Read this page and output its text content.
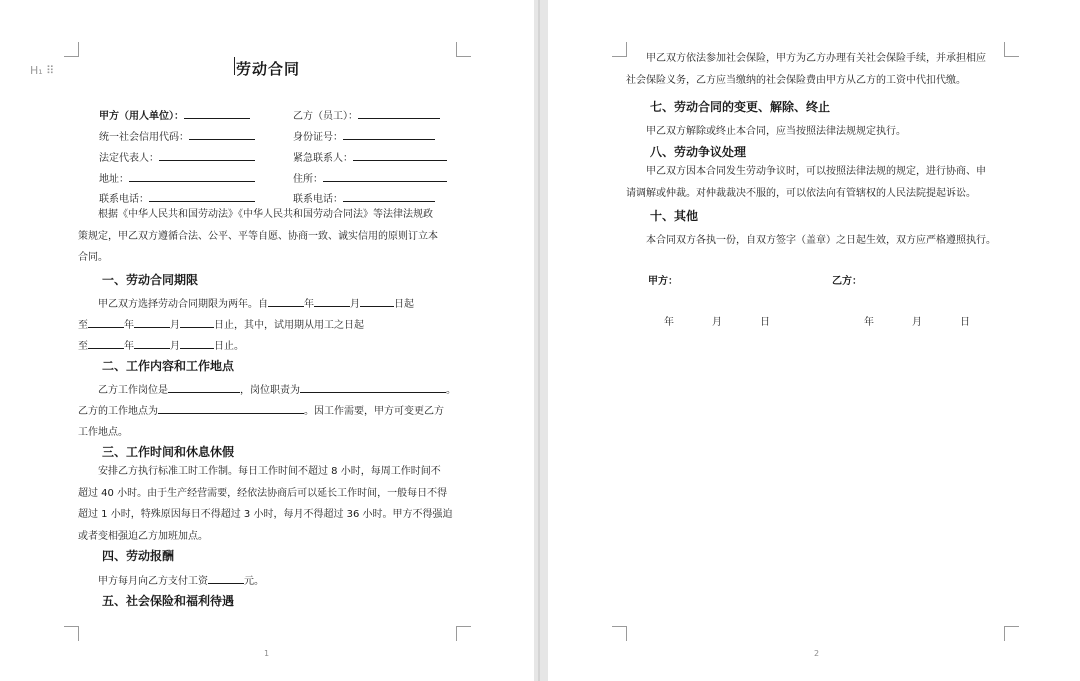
H₁ ⠿	劳动合同
甲方（用人单位）：	乙方（员工）：
统一社会信用代码：	身份证号：
法定代表人：	紧急联系人：
地址：	住所：
联系电话：	联系电话：
根据《中华人民共和国劳动法》《中华人民共和国劳动合同法》等法律法规政
策规定，甲乙双方遵循合法、公平、平等自愿、协商一致、诚实信用的原则订立本
合同。
一、劳动合同期限
甲乙双方选择劳动合同期限为两年。自	年	月	日起
至	年	月	日止，其中，试用期从用工之日起
至	年	月	日止。
二、工作内容和工作地点
乙方工作岗位是	，岗位职责为	。
乙方的工作地点为	。因工作需要，甲方可变更乙方
工作地点。
三、工作时间和休息休假
安排乙方执行标准工时工作制。每日工作时间不超过 8 小时，每周工作时间不
超过 40 小时。由于生产经营需要，经依法协商后可以延长工作时间，一般每日不得
超过 1 小时，特殊原因每日不得超过 3 小时，每月不得超过 36 小时。甲方不得强迫
或者变相强迫乙方加班加点。
四、劳动报酬
甲方每月向乙方支付工资	元。
五、社会保险和福利待遇
1
甲乙双方依法参加社会保险，甲方为乙方办理有关社会保险手续，并承担相应
社会保险义务，乙方应当缴纳的社会保险费由甲方从乙方的工资中代扣代缴。
七、劳动合同的变更、解除、终止
甲乙双方解除或终止本合同，应当按照法律法规规定执行。
八、劳动争议处理
甲乙双方因本合同发生劳动争议时，可以按照法律法规的规定，进行协商、申
请调解或仲裁。对仲裁裁决不服的，可以依法向有管辖权的人民法院提起诉讼。
十、其他
本合同双方各执一份，自双方签字（盖章）之日起生效，双方应严格遵照执行。
甲方：	乙方：
年	月	日	年	月	日
2
